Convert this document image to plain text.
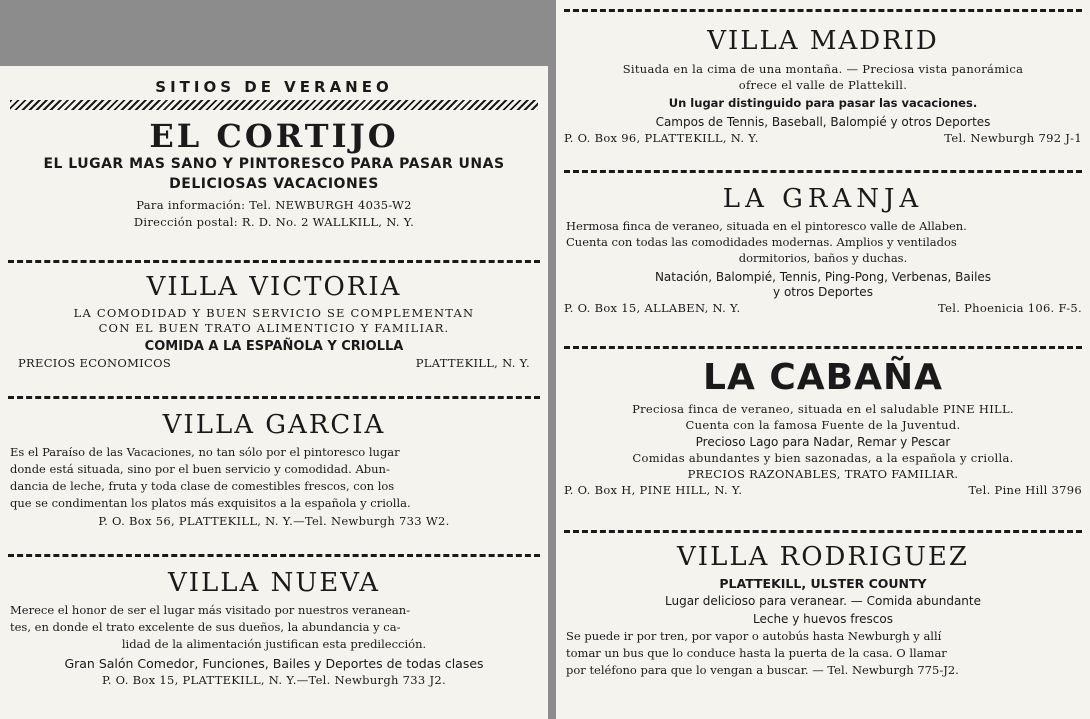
SITIOS DE VERANEO
EL CORTIJO
EL LUGAR MAS SANO Y PINTORESCO PARA PASAR UNAS
DELICIOSAS VACACIONES
Para información: Tel. NEWBURGH 4035-W2
Dirección postal: R. D. No. 2 WALLKILL, N. Y.
VILLA VICTORIA
LA COMODIDAD Y BUEN SERVICIO SE COMPLEMENTAN
CON EL BUEN TRATO ALIMENTICIO Y FAMILIAR.
COMIDA A LA ESPAÑOLA Y CRIOLLA
PRECIOS ECONOMICOS	PLATTEKILL, N. Y.
VILLA GARCIA
Es el Paraíso de las Vacaciones, no tan sólo por el pintoresco lugar
donde está situada, sino por el buen servicio y comodidad. Abun-
dancia de leche, fruta y toda clase de comestibles frescos, con los
que se condimentan los platos más exquisitos a la española y criolla.
P. O. Box 56, PLATTEKILL, N. Y.—Tel. Newburgh 733 W2.
VILLA NUEVA
Merece el honor de ser el lugar más visitado por nuestros veranean-
tes, en donde el trato excelente de sus dueños, la abundancia y ca-
lidad de la alimentación justifican esta predilección.
Gran Salón Comedor, Funciones, Bailes y Deportes de todas clases
P. O. Box 15, PLATTEKILL, N. Y.—Tel. Newburgh 733 J2.
VILLA MADRID
Situada en la cima de una montaña. — Preciosa vista panorámica
ofrece el valle de Plattekill.
Un lugar distinguido para pasar las vacaciones.
Campos de Tennis, Baseball, Balompié y otros Deportes
P. O. Box 96, PLATTEKILL, N. Y.	Tel. Newburgh 792 J-1
LA GRANJA
Hermosa finca de veraneo, situada en el pintoresco valle de Allaben.
Cuenta con todas las comodidades modernas. Amplios y ventilados
dormitorios, baños y duchas.
Natación, Balompié, Tennis, Ping-Pong, Verbenas, Bailes
y otros Deportes
P. O. Box 15, ALLABEN, N. Y.	Tel. Phoenicia 106. F-5.
LA CABAÑA
Preciosa finca de veraneo, situada en el saludable PINE HILL.
Cuenta con la famosa Fuente de la Juventud.
Precioso Lago para Nadar, Remar y Pescar
Comidas abundantes y bien sazonadas, a la española y criolla.
PRECIOS RAZONABLES, TRATO FAMILIAR.
P. O. Box H, PINE HILL, N. Y.	Tel. Pine Hill 3796
VILLA RODRIGUEZ
PLATTEKILL, ULSTER COUNTY
Lugar delicioso para veranear. — Comida abundante
Leche y huevos frescos
Se puede ir por tren, por vapor o autobús hasta Newburgh y allí
tomar un bus que lo conduce hasta la puerta de la casa. O llamar
por teléfono para que lo vengan a buscar. — Tel. Newburgh 775-J2.
